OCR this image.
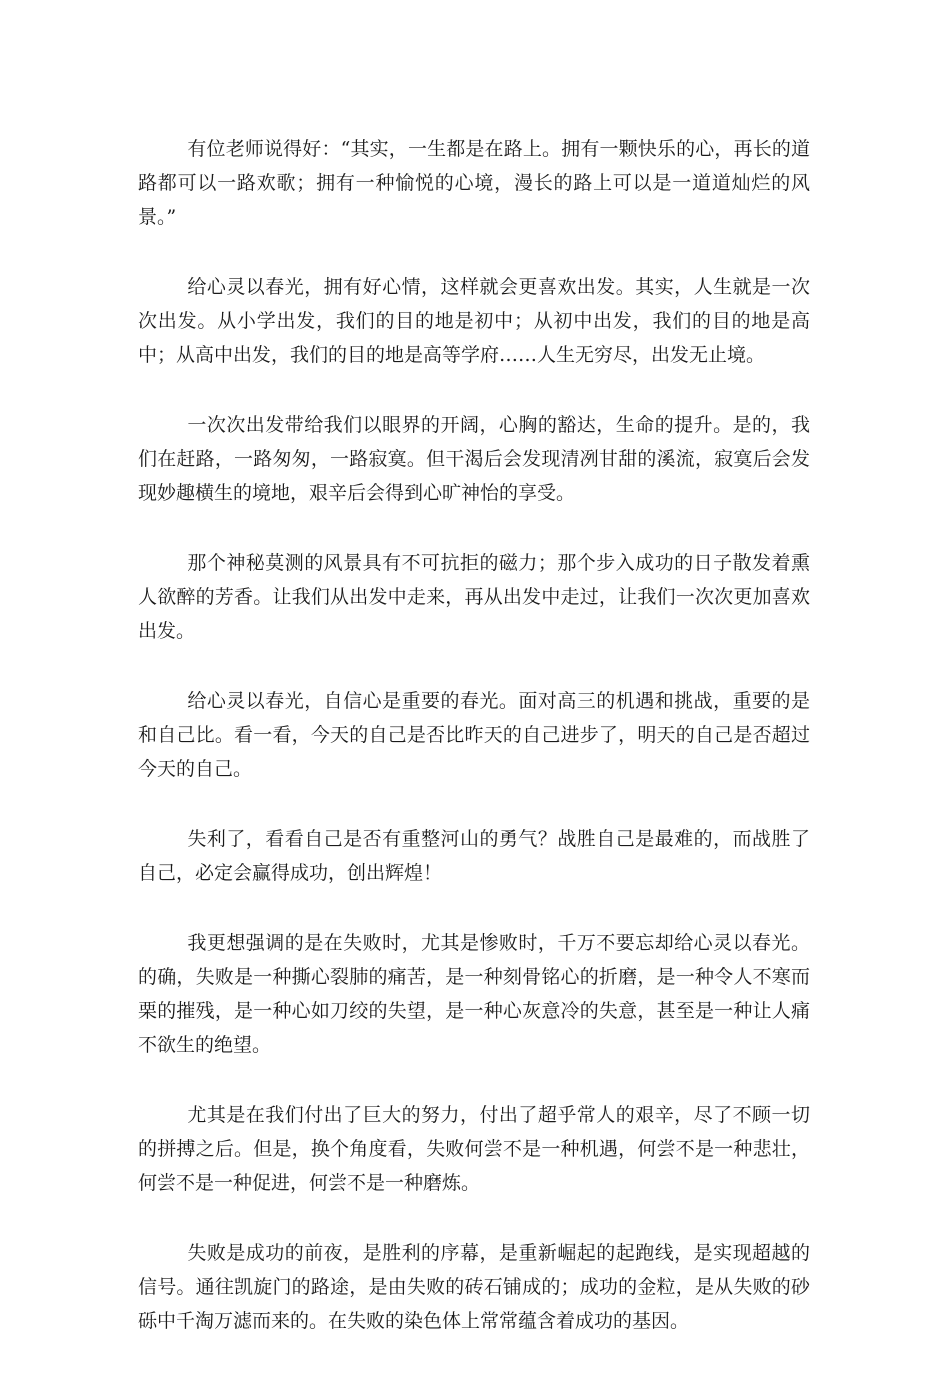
有位老师说得好：“其实，一生都是在路上。拥有一颗快乐的心，再长的道路都可以一路欢歌；拥有一种愉悦的心境，漫长的路上可以是一道道灿烂的风景。”

给心灵以春光，拥有好心情，这样就会更喜欢出发。其实，人生就是一次次出发。从小学出发，我们的目的地是初中；从初中出发，我们的目的地是高中；从高中出发，我们的目的地是高等学府……人生无穷尽，出发无止境。

一次次出发带给我们以眼界的开阔，心胸的豁达，生命的提升。是的，我们在赶路，一路匆匆，一路寂寞。但干渴后会发现清冽甘甜的溪流，寂寞后会发现妙趣横生的境地，艰辛后会得到心旷神怡的享受。

那个神秘莫测的风景具有不可抗拒的磁力；那个步入成功的日子散发着熏人欲醉的芳香。让我们从出发中走来，再从出发中走过，让我们一次次更加喜欢出发。

给心灵以春光，自信心是重要的春光。面对高三的机遇和挑战，重要的是和自己比。看一看，今天的自己是否比昨天的自己进步了，明天的自己是否超过今天的自己。

失利了，看看自己是否有重整河山的勇气？战胜自己是最难的，而战胜了自己，必定会赢得成功，创出辉煌！

我更想强调的是在失败时，尤其是惨败时，千万不要忘却给心灵以春光。的确，失败是一种撕心裂肺的痛苦，是一种刻骨铭心的折磨，是一种令人不寒而栗的摧残，是一种心如刀绞的失望，是一种心灰意冷的失意，甚至是一种让人痛不欲生的绝望。

尤其是在我们付出了巨大的努力，付出了超乎常人的艰辛，尽了不顾一切的拼搏之后。但是，换个角度看，失败何尝不是一种机遇，何尝不是一种悲壮，何尝不是一种促进，何尝不是一种磨炼。

失败是成功的前夜，是胜利的序幕，是重新崛起的起跑线，是实现超越的信号。通往凯旋门的路途，是由失败的砖石铺成的；成功的金粒，是从失败的砂砾中千淘万滤而来的。在失败的染色体上常常蕴含着成功的基因。
